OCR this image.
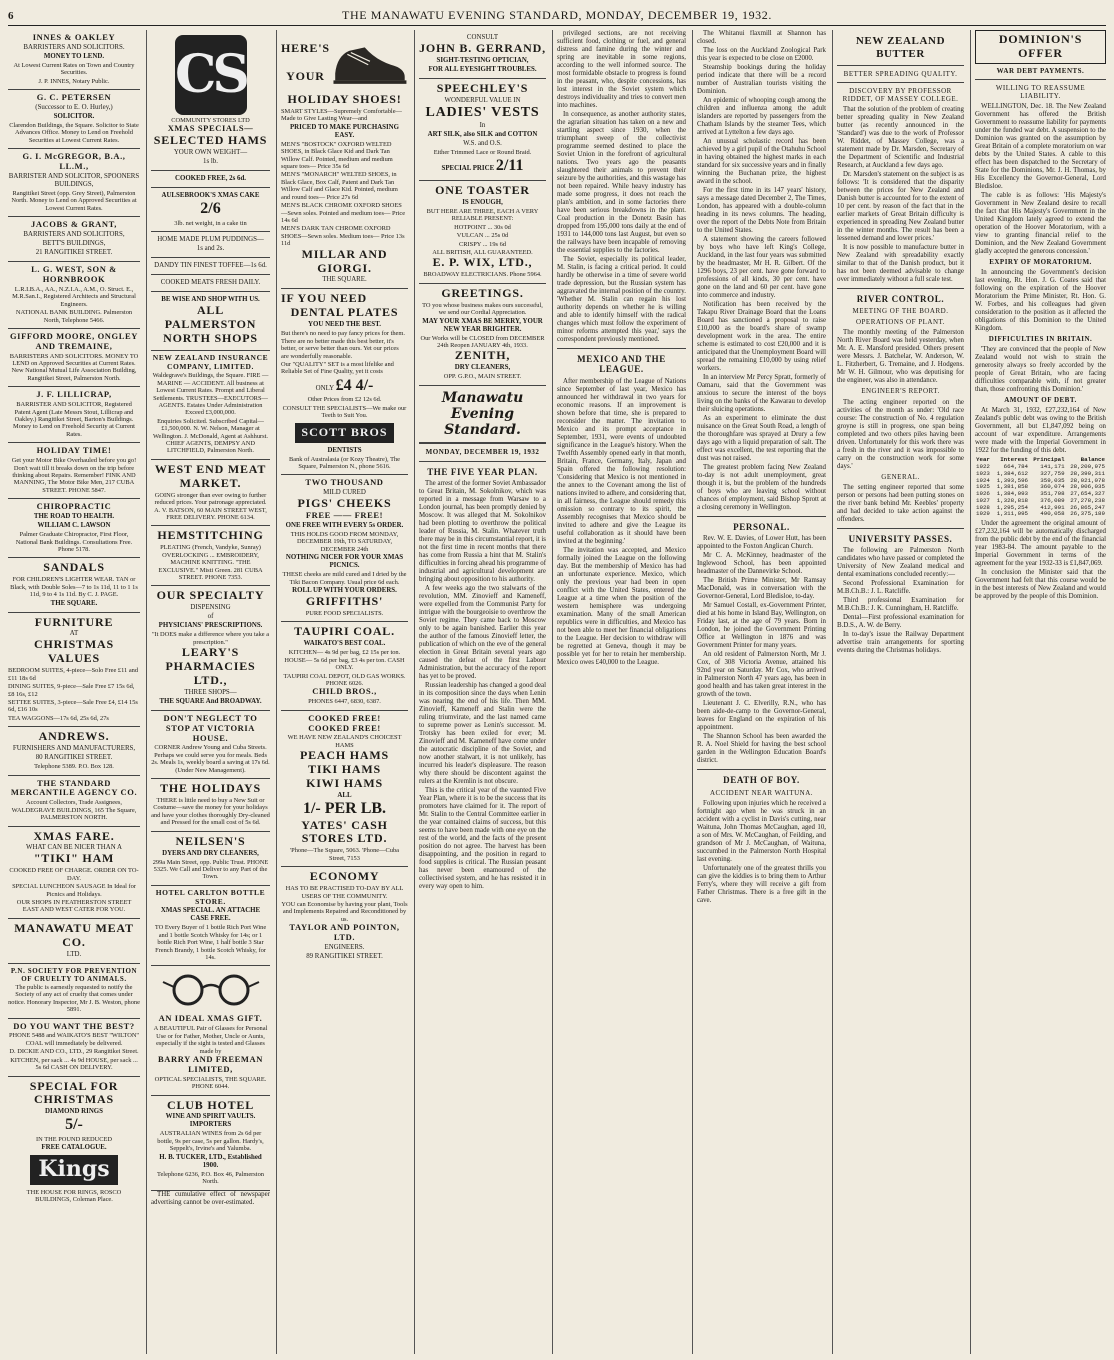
6	THE MANAWATU EVENING STANDARD, MONDAY, DECEMBER 19, 1932.
INNES & OAKLEY

BARRISTERS AND SOLICITORS.

MONEY TO LEND.

At Lowest Current Rates on Town and Country Securities.

J. P. INNES, Notary Public.

G. C. PETERSEN

(Successor to E. O. Hurley,)

SOLICITOR.

Clarendon Buildings, the Square. Solicitor to State Advances Office. Money to Lend on Freehold Securities at Lowest Current Rates.

G. I. McGREGOR, B.A., LL.M.,

BARRISTER AND SOLICITOR, SPOONERS BUILDINGS,

Rangitikei Street (opp. Grey Street), Palmerston North. Money to Lend on Approved Securities at Lowest Current Rates.

JACOBS & GRANT,

BARRISTERS AND SOLICITORS,

BETT'S BUILDINGS,

21 RANGITIKEI STREET.

L. G. WEST, SON & HORNBROOK

L.R.I.B.A., AA., N.Z.I.A., A.M., O. Struct. E., M.R.San.I., Registered Architects and Structural Engineers.

NATIONAL BANK BUILDING. Palmerston North, Telephone 5466.

GIFFORD MOORE, ONGLEY AND TREMAINE,

BARRISTERS AND SOLICITORS. MONEY TO LEND on Approved Securities at Current Rates. New National Mutual Life Association Building, Rangitikei Street, Palmerston North.

J. F. LILLICRAP,

BARRISTER AND SOLICITOR, Registered Patent Agent (Late Messrs Stout, Lillicrap and Oakley.) Rangitikei Street, Barton's Buildings. Money to Lend on Freehold Security at Current Rates.

HOLIDAY TIME!

Get your Motor Bike Overhauled before you go! Don't wait till it breaks down on the trip before thinking about Repairs. Remember! FINK AND MANNING, The Motor Bike Men, 217 CUBA STREET. PHONE 5847.

CHIROPRACTIC

THE ROAD TO HEALTH.

WILLIAM C. LAWSON

Palmer Graduate Chiropractor, First Floor, National Bank Buildings. Consultations Free. Phone 5178.

SANDALS

FOR CHILDREN'S LIGHTER WEAR. TAN or Black, with Double Soles—7 to 1s 11d, 11 to 1 1s 11d, 9 to 4 1s 11d. By C. J. PAGE.

THE SQUARE.

FURNITURE

AT

CHRISTMAS VALUES

BEDROOM SUITES, 4-piece—Solo Free £11 and £11 18s 6d

DINING SUITES, 9-piece—Sale Free £7 15s 6d, £8 16s, £12

SETTEE SUITES, 3-piece—Sale Free £4, £14 15s 6d, £16 10s

TEA WAGGONS—17s 6d, 25s 6d, 27s

ANDREWS.

FURNISHERS AND MANUFACTURERS,

80 RANGITIKEI STREET.

Telephone 5389. P.O. Box 128.

THE STANDARD MERCANTILE AGENCY CO.

Account Collectors, Trade Assignees, WALDEGRAVE BUILDINGS, 165 The Square, PALMERSTON NORTH.

XMAS FARE.

WHAT CAN BE NICER THAN A

"TIKI" HAM

COOKED FREE OF CHARGE. ORDER ON TO-DAY.

SPECIAL LUNCHEON SAUSAGE In Ideal for Picnics and Holidays.

OUR SHOPS IN FEATHERSTON STREET EAST AND WEST CATER FOR YOU.

MANAWATU MEAT CO.

LTD.

P.N. SOCIETY FOR PREVENTION OF CRUELTY TO ANIMALS.

The public is earnestly requested to notify the Society of any act of cruelty that comes under notice. Honorary Inspector, Mr J. B. Weston, phone 5891.

DO YOU WANT THE BEST?

PHONE 5488 and WAIKATO'S BEST "WILTON" COAL will immediately be delivered.

D. DICKIE AND CO., LTD., 29 Rangitikei Street.

KITCHEN, per sack ... 4s 9d HOUSE, per sack ... 5s 6d CASH ON DELIVERY.

SPECIAL FOR CHRISTMAS

DIAMOND RINGS

5/-

IN THE POUND REDUCED

FREE CATALOGUE.

Kings

THE HOUSE FOR RINGS, ROSCO BUILDINGS, Coleman Place.

CS

COMMUNITY STORES LTD

XMAS SPECIALS—
SELECTED HAMS

YOUR OWN WEIGHT—

1s lb.

COOKED FREE, 2s 6d.

AULSEBROOK'S XMAS CAKE

2/6

3lb. net weight, in a cake tin

HOME MADE PLUM PUDDINGS—

1s and 2s.

DANDY TIN FINEST TOFFEE—1s 6d.

COOKED MEATS FRESH DAILY.

BE WISE AND SHOP WITH US.

ALL PALMERSTON NORTH SHOPS
NEW ZEALAND INSURANCE COMPANY, LIMITED.

Waldegrave's Buildings, the Square. FIRE — MARINE — ACCIDENT. All business at Lowest Current Rates. Prompt and Liberal Settlements. TRUSTEES—EXECUTORS—AGENTS. Estates Under Administration Exceed £3,000,000.

Enquiries Solicited. Subscribed Capital—£1,500,000. N. W. Nelson, Manager at Wellington. J. McDonald, Agent at Ashhurst. CHIEF AGENTS, DEMPSY AND LITCHFIELD, Palmerston North.

WEST END MEAT MARKET.

GOING stronger than ever owing to further reduced prices. Your patronage appreciated. A. V. BATSON, 60 MAIN STREET WEST, FREE DELIVERY. PHONE 6134.

HEMSTITCHING

PLEATING (French, Vandyke, Sunray) OVERLOCKING ... EMBROIDERY, MACHINE KNITTING. "THE EXCLUSIVE." Misti Green. 281 CUBA STREET. PHONE 7353.

OUR SPECIALTY

DISPENSING

of

PHYSICIANS' PRESCRIPTIONS.

"It DOES make a difference where you take a prescription."

LEARY'S PHARMACIES LTD.,

THREE SHOPS—

THE SQUARE And BROADWAY.

DON'T NEGLECT TO STOP AT VICTORIA HOUSE.

CORNER Andrew Young and Cuba Streets. Perhaps we could serve you for meals. Beds 2s. Meals 1s, weekly board a saving at 17s 6d. (Under New Management).

THE HOLIDAYS

THERE is little need to buy a New Suit or Costume—save the money for your holidays and have your clothes thoroughly Dry-cleaned and Pressed for the small cost of 5s 6d.

NEILSEN'S

DYERS AND DRY CLEANERS,

299a Main Street, opp. Public Trust. PHONE 5325. We Call and Deliver to any Part of the Town.

HOTEL CARLTON BOTTLE STORE.

XMAS SPECIAL. AN ATTACHE CASE FREE.

TO Every Buyer of 1 bottle Rich Port Wine and 1 bottle Scotch Whisky for 14s; or 1 bottle Rich Port Wine, 1 half bottle 3 Star French Brandy, 1 bottle Scotch Whisky, for 14s.

AN IDEAL XMAS GIFT.

A BEAUTIFUL Pair of Glasses for Personal Use or for Father, Mother, Uncle or Aunts, especially if the sight is tested and Glasses made by

BARRY AND FREEMAN LIMITED,

OPTICAL SPECIALISTS, THE SQUARE. PHONE 6044.

CLUB HOTEL

WINE AND SPIRIT VAULTS. IMPORTERS

AUSTRALIAN WINES from 2s 6d per bottle, 9s per case, 5s per gallon. Hardy's, Seppelt's, Irvine's and Yalumba.

H. B. TUCKER, LTD., Established 1900.

Telephone 6236, P.O. Box 46, Palmerston North.

THE cumulative effect of newspaper advertising cannot be over-estimated.

HERE'S
YOUR
HOLIDAY SHOES!

SMART STYLES—Supremely Comfortable—Made to Give Lasting Wear—and

PRICED TO MAKE PURCHASING EASY.

MEN'S "BOSTOCK" OXFORD WELTED SHOES, in Black Glace Kid and Dark Tan Willow Calf. Pointed, medium and medium square toes— Price 35s 6d

MEN'S "MONARCH" WELTED SHOES, in Black Glace, Box Calf, Patent and Dark Tan Willow Calf and Glace Kid. Pointed, medium and round toes— Price 27s 6d

MEN'S BLACK CHROME OXFORD SHOES—Sewn soles. Pointed and medium toes— Price 14s 6d

MEN'S DARK TAN CHROME OXFORD SHOES—Sewn soles. Medium toes— Price 13s 11d

MILLAR AND GIORGI.

THE SQUARE.

IF YOU NEED
DENTAL PLATES

YOU NEED THE BEST.

But there's no need to pay fancy prices for them. There are no better made this best better, it's better, or serve better than ours. Yet our prices are wonderfully reasonable.

Our "QUALITY" SET is a most lifelike and Reliable Set of Fine Quality, yet it costs

ONLY £4 4/-

Other Prices from £2 12s 6d.

CONSULT THE SPECIALISTS—We make our Teeth to Suit You.

SCOTT BROS

DENTISTS

Bank of Australasia (or Kozy Theatre), The Square, Palmerston N., phone 5616.

TWO THOUSAND

MILD CURED

PIGS' CHEEKS
FREE —— FREE!

ONE FREE WITH EVERY 5s ORDER.

THIS HOLDS GOOD FROM MONDAY, DECEMBER 19th, TO SATURDAY, DECEMBER 24th

NOTHING NICER FOR YOUR XMAS PICNICS.

THESE cheeks are mild cured and I dried by the Tiki Bacon Company. Usual price 6d each.

ROLL UP WITH YOUR ORDERS.

GRIFFITHS'

PURE FOOD SPECIALISTS.

TAUPIRI COAL.

WAIKATO'S BEST COAL.

KITCHEN— 4s 9d per bag, £2 15s per ton. HOUSE— 5s 6d per bag, £3 4s per ton. CASH ONLY.

TAUPIRI COAL DEPOT, OLD GAS WORKS. PHONE 6026.

CHILD BROS.,

PHONES 6447, 6830, 6387.

COOKED FREE!
COOKED FREE!

WE HAVE NEW ZEALAND'S CHOICEST HAMS

PEACH HAMS
TIKI HAMS
KIWI HAMS

ALL

1/- PER LB.
YATES' CASH STORES LTD.

'Phone—The Square, 5063. 'Phone—Cuba Street, 7153

ECONOMY

HAS TO BE PRACTISED TO-DAY BY ALL USERS OF THE COMMUNITY.

YOU can Economise by having your plant, Tools and Implements Repaired and Reconditioned by us.

TAYLOR AND POINTON, LTD.

ENGINEERS.

89 RANGITIKEI STREET.

CONSULT

JOHN B. GERRAND,

SIGHT-TESTING OPTICIAN,

FOR ALL EYESIGHT TROUBLES.

SPEECHLEY'S

WONDERFUL VALUE IN

LADIES' VESTS

In

ART SILK, also SILK and COTTON

W.S. and O.S.

Either Trimmed Lace or Round Braid.

SPECIAL PRICE 2/11

ONE TOASTER

IS ENOUGH,

BUT HERE ARE THREE, EACH A VERY RELIABLE PRESENT:

HOTPOINT ... 30s 0d

VULCAN ... 25s 0d

CRISPY ... 19s 6d

ALL BRITISH, ALL GUARANTEED.

E. P. WIX, LTD.,

BROADWAY ELECTRICIANS. Phone 5964.

GREETINGS.

TO you whose business makes ours successful, we send our Cordial Appreciation.

MAY YOUR XMAS BE MERRY, YOUR NEW YEAR BRIGHTER.

Our Works will be CLOSED from DECEMBER 24th Reopen JANUARY 4th, 1933.

ZENITH,

DRY CLEANERS,

OPP. G.P.O., MAIN STREET.

Manawatu Evening Standard.
MONDAY, DECEMBER 19, 1932
THE FIVE YEAR PLAN.

The arrest of the former Soviet Ambassador to Great Britain, M. Sokolnikov, which was reported in a message from Warsaw to a London journal, has been promptly denied by Moscow. It was alleged that M. Sokolnikov had been plotting to overthrow the political leader of Russia, M. Stalin. Whatever truth there may be in this circumstantial report, it is not the first time in recent months that there has come from Russia a hint that M. Stalin's difficulties in forcing ahead his programme of industrial and agricultural development are bringing about opposition to his authority.

A few weeks ago the two stalwarts of the revolution, MM. Zinovieff and Kameneff, were expelled from the Communist Party for intrigue with the bourgeoisie to overthrow the Soviet regime. They came back to Moscow only to be again banished. Earlier this year the author of the famous Zinovieff letter, the publication of which on the eve of the general election in Great Britain several years ago caused the defeat of the first Labour Administration, but the accuracy of the report has yet to be proved.

Russian leadership has changed a good deal in its composition since the days when Lenin was nearing the end of his life. Then MM. Zinovieff, Kameneff and Stalin were the ruling triumvirate, and the last named came to supreme power as Lenin's successor. M. Trotsky has been exiled for ever; M. Zinovieff and M. Kameneff have come under the autocratic discipline of the Soviet, and now another stalwart, it is not unlikely, has incurred his leader's displeasure. The reason why there should be discontent against the rulers at the Kremlin is not obscure.

This is the critical year of the vaunted Five Year Plan, where it is to be the success that its promoters have claimed for it. The report of Mr. Stalin to the Central Committee earlier in the year contained claims of success, but this seems to have been made with one eye on the rest of the world, and the facts of the present position do not agree. The harvest has been disappointing, and the position in regard to food supplies is critical. The Russian peasant has never been enamoured of the collectivised system, and he has resisted it in every way open to him.

privileged sections, are not receiving sufficient food, clothing or fuel, and general distress and famine during the winter and spring are inevitable in some regions, according to the well informed source. The most formidable obstacle to progress is found in the peasant, who, despite concessions, has lost interest in the Soviet system which destroys individuality and tries to convert men into machines.

In consequence, as another authority states, the agrarian situation has taken on a new and startling aspect since 1930, when the triumphant sweep of the collectivist programme seemed destined to place the Soviet Union in the forefront of agricultural nations. Two years ago the peasants slaughtered their animals to prevent their seizure by the authorities, and this wastage has not been repaired. While heavy industry has made some progress, it does not reach the plan's ambition, and in some factories there have been serious breakdowns in the plant. Coal production in the Donetz Basin has dropped from 195,000 tons daily at the end of 1931 to 144,000 tons last August, but even so the railways have been incapable of removing the essential supplies to the factories.

The Soviet, especially its political leader, M. Stalin, is facing a critical period. It could hardly be otherwise in a time of severe world trade depression, but the Russian system has aggravated the internal position of the country. 'Whether M. Stalin can regain his lost authority depends on whether he is willing and able to identify himself with the radical changes which must follow the experiment of minor reforms attempted this year,' says the correspondent previously mentioned.

MEXICO AND THE LEAGUE.

After membership of the League of Nations since September of last year, Mexico has announced her withdrawal in two years for economic reasons. If an improvement is shown before that time, she is prepared to reconsider the matter. The invitation to Mexico and its prompt acceptance in September, 1931, were events of undoubted significance in the League's history. When the Twelfth Assembly opened early in that month, Britain, France, Germany, Italy, Japan and Spain offered the following resolution: 'Considering that Mexico is not mentioned in the annex to the Covenant among the list of nations invited to adhere, and considering that, in all fairness, the League should remedy this omission so contrary to its spirit, the Assembly recognises that Mexico should be invited to adhere and give the League its useful collaboration as it should have been invited at the beginning.'

The invitation was accepted, and Mexico formally joined the League on the following day. But the membership of Mexico has had an unfortunate experience. Mexico, which only the previous year had been in open conflict with the United States, entered the League at a time when the position of the western hemisphere was undergoing examination. Many of the small American republics were in difficulties, and Mexico has not been able to meet her financial obligations to the League. Her decision to withdraw will be regretted at Geneva, though it may be possible yet for her to retain her membership. Mexico owes £40,000 to the League.

The Whitanui flaxmill at Shannon has closed.

The loss on the Auckland Zoological Park this year is expected to be close on £2000.

Steamship bookings during the holiday period indicate that there will be a record number of Australian tourists visiting the Dominion.

An epidemic of whooping cough among the children and influenza among the adult islanders are reported by passengers from the Chatham Islands by the steamer Tees, which arrived at Lyttelton a few days ago.

An unusual scholastic record has been achieved by a girl pupil of the Otahuhu School in having obtained the highest marks in each standard for six successive years and in finally winning the Buchanan prize, the highest award in the school.

For the first time in its 147 years' history, says a message dated December 2, The Times, London, has appeared with a double-column heading in its news columns. The heading, over the report of the Debts Note from Britain to the United States.

A statement showing the careers followed by boys who have left King's College, Auckland, in the last four years was submitted by the headmaster, Mr H. R. Gilbert. Of the 1296 boys, 23 per cent. have gone forward to professions of all kinds, 30 per cent. have gone on the land and 60 per cent. have gone into commerce and industry.

Notification has been received by the Takapu River Drainage Board that the Loans Board has sanctioned a proposal to raise £10,000 as the board's share of swamp development work in the area. The entire scheme is estimated to cost £20,000 and it is anticipated that the Unemployment Board will spread the remaining £10,000 by using relief workers.

In an interview Mr Percy Spratt, formerly of Oamaru, said that the Government was anxious to secure the interest of the boys living on the banks of the Kawarau to develop their sluicing operations.

As an experiment to eliminate the dust nuisance on the Great South Road, a length of the thoroughfare was sprayed at Drury a few days ago with a liquid preparation of salt. The effect was excellent, the test reporting that the dust was not raised.

The greatest problem facing New Zealand to-day is not adult unemployment, great though it is, but the problem of the hundreds of boys who are leaving school without chances of employment, said Bishop Sprott at a closing ceremony in Wellington.

PERSONAL.

Rev. W. E. Davies, of Lower Hutt, has been appointed to the Foxton Anglican Church.

Mr C. A. McKinney, headmaster of the Inglewood School, has been appointed headmaster of the Dannevirke School.

The British Prime Minister, Mr Ramsay MacDonald, was in conversation with the Governor-General, Lord Bledisloe, to-day.

Mr Samuel Costall, ex-Government Printer, died at his home in Island Bay, Wellington, on Friday last, at the age of 79 years. Born in London, he joined the Government Printing Office at Wellington in 1876 and was Government Printer for many years.

An old resident of Palmerston North, Mr J. Cox, of 308 Victoria Avenue, attained his 92nd year on Saturday. Mr Cox, who arrived in Palmerston North 47 years ago, has been in good health and has taken great interest in the growth of the town.

Lieutenant J. C. Elverilly, R.N., who has been aide-de-camp to the Governor-General, leaves for England on the expiration of his appointment.

The Shannon School has been awarded the R. A. Noel Shield for having the best school garden in the Wellington Education Board's district.

DEATH OF BOY.
ACCIDENT NEAR WAITUNA.

Following upon injuries which he received a fortnight ago when he was struck in an accident with a cyclist in Davis's cutting, near Waituna, John Thomas McCaughan, aged 10, a son of Mrs. W. McCaughan, of Feilding, and grandson of Mr J. McCaughan, of Waituna, succumbed in the Palmerston North Hospital last evening.

Unfortunately one of the greatest thrills you can give the kiddies is to bring them to Arthur Ferry's, where they will receive a gift from Father Christmas. There is a free gift in the cave.

NEW ZEALAND BUTTER
BETTER SPREADING QUALITY.
DISCOVERY BY PROFESSOR RIDDET, OF MASSEY COLLEGE.

That the solution of the problem of creating better spreading quality in New Zealand butter (as recently announced in the 'Standard') was due to the work of Professor W. Riddet, of Massey College, was a statement made by Dr. Marsden, Secretary of the Department of Scientific and Industrial Research, at Auckland a few days ago.

Dr. Marsden's statement on the subject is as follows: 'It is considered that the disparity between the prices for New Zealand and Danish butter is accounted for to the extent of 10 per cent. by reason of the fact that in the earlier markets of Great Britain difficulty is experienced in spreading New Zealand butter in the winter months. The result has been a lessened demand and lower prices.'

It is now possible to manufacture butter in New Zealand with spreadability exactly similar to that of the Danish product, but it has not been deemed advisable to change over immediately without a full scale test.

RIVER CONTROL.
MEETING OF THE BOARD.
OPERATIONS OF PLANT.

The monthly meeting of the Palmerston North River Board was held yesterday, when Mr. A. E. Mansford presided. Others present were Messrs. J. Batchelar, W. Anderson, W. L. Fitzherbert, G. Tremaine, and J. Hodgens. Mr W. H. Gilmour, who was deputising for the engineer, was also in attendance.

ENGINEER'S REPORT.

The acting engineer reported on the activities of the month as under: 'Old race course: The construction of No. 4 regulation groyne is still in progress, one span being completed and two others piles having been driven. Unfortunately for this work there was a fresh in the river and it was impossible to carry on the construction work for some days.'

GENERAL.

The setting engineer reported that some person or persons had been putting stones on the river bank behind Mr. Keebles' property and had decided to take action against the offenders.

UNIVERSITY PASSES.

The following are Palmerston North candidates who have passed or completed the University of New Zealand medical and dental examinations concluded recently:—

Second Professional Examination for M.B.Ch.B.: J. L. Ratcliffe.

Third professional Examination for M.B.Ch.B.: J. K. Cunningham, H. Ratcliffe.

Dental—First professional examination for B.D.S., A. W. de Berry.

In to-day's issue the Railway Department advertise train arrangements for sporting events during the Christmas holidays.

DOMINION'S OFFER
WAR DEBT PAYMENTS.
WILLING TO REASSUME LIABILITY.

WELLINGTON, Dec. 18. The New Zealand Government has offered the British Government to reassume liability for payments under the funded war debt. A suspension to the Dominion was granted on the assumption by Great Britain of a complete moratorium on war debts by the United States. A cable to this effect has been dispatched to the Secretary of State for the Dominions, Mr. J. H. Thomas, by His Excellency the Governor-General, Lord Bledisloe.

The cable is as follows: 'His Majesty's Government in New Zealand desire to recall the fact that His Majesty's Government in the United Kingdom lately agreed to extend the operation of the Hoover Moratorium, with a view to granting financial relief to the Dominion, and the New Zealand Government gladly accepted the generous concession.'

EXPIRY OF MORATORIUM.

In announcing the Government's decision last evening, Rt. Hon. J. G. Coates said that following on the expiration of the Hoover Moratorium the Prime Minister, Rt. Hon. G. W. Forbes, and his colleagues had given consideration to the position as it affected the obligations of this Dominion to the United Kingdom.

DIFFICULTIES IN BRITAIN.

'They are convinced that the people of New Zealand would not wish to strain the generosity always so freely accorded by the people of Great Britain, who are facing difficulties comparable with, if not greater than, those confronting this Dominion.'

AMOUNT OF DEBT.

At March 31, 1932, £27,232,164 of New Zealand's public debt was owing to the British Government, all but £1,847,092 being on account of war expenditure. Arrangements were made with the Imperial Government in 1922 for the funding of this debt.

Year	Interest	Principal	Balance
1922	664,784	141,171	28,200,975
1923	1,384,612	327,759	28,390,311
1924	1,393,596	359,035	28,021,078
1925	1,381,858	360,074	28,006,035
1926	1,384,093	351,708	27,654,327
1927	1,328,818	376,089	27,278,238
1928	1,295,254	412,991	26,865,247
1929	1,311,095	490,058	26,375,189

Under the agreement the original amount of £27,232,164 will be automatically discharged from the public debt by the end of the financial year 1983-84. The amount payable to the Imperial Government in terms of the agreement for the year 1932-33 is £1,847,069.

In conclusion the Minister said that the Government had felt that this course would be in the best interests of New Zealand and would be approved by the people of this Dominion.
